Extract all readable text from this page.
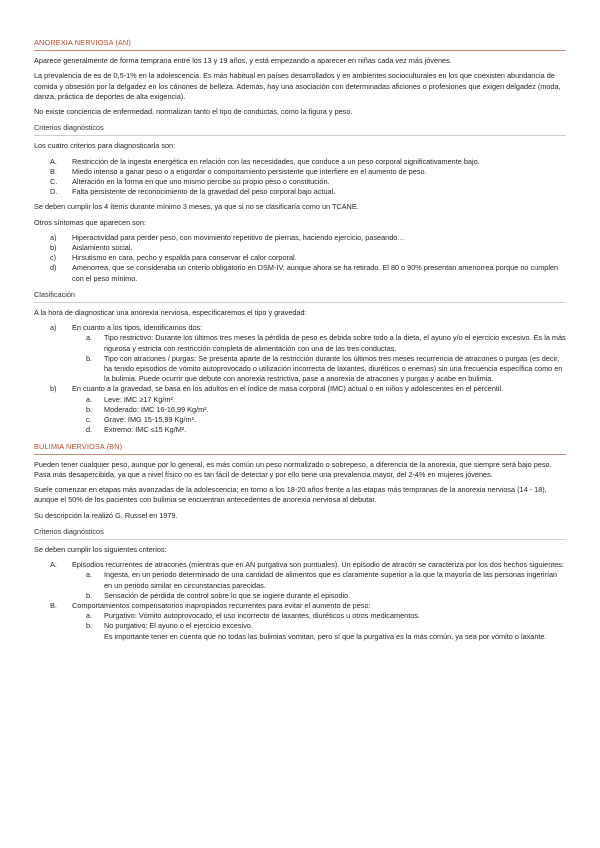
ANOREXIA NERVIOSA (AN)

Aparece generalmente de forma temprana entre los 13 y 19 años, y está empezando a aparecer en niñas cada vez más jóvenes.

La prevalencia de es de 0,5-1% en la adolescencia. Es más habitual en países desarrollados y en ambientes socioculturales en los que coexisten abundancia de comida y obsesión por la delgadez en los cánones de belleza. Además, hay una asociación con determinadas aficiones o profesiones que exigen delgadez (moda, danza, práctica de deportes de alta exigencia).

No existe conciencia de enfermedad, normalizan tanto el tipo de conductas, como la figura y peso.

Criterios diagnósticos

Los cuatro criterios para diagnosticarla son:

A. Restricción de la ingesta energética en relación con las necesidades, que conduce a un peso corporal significativamente bajo.
B. Miedo intenso a ganar peso o a engordar o comportamiento persistente que interfiere en el aumento de peso.
C. Alteración en la forma en que uno mismo percibe su propio peso o constitución.
D. Falta persistente de reconocimiento de la gravedad del peso corporal bajo actual.

Se deben cumplir los 4 ítems durante mínimo 3 meses, ya que si no se clasificaría como un TCANE.

Otros síntomas que aparecen son:

a) Hiperactividad para perder peso, con movimiento repetitivo de piernas, haciendo ejercicio, paseando…
b) Aislamiento social.
c) Hirsutismo en cara, pecho y espalda para conservar el calor corporal.
d) Amenorrea, que se consideraba un criterio obligatorio en DSM-IV, aunque ahora se ha retirado. El 80 o 90% presentan amenorrea porque no cumplen con el peso mínimo.
Clasificación

A la hora de diagnosticar una anorexia nerviosa, especificaremos el tipo y gravedad:

a) En cuanto a los tipos, identificamos dos:
a. Tipo restrictivo: Durante los últimos tres meses la pérdida de peso es debida sobre todo a la dieta, el ayuno y/o el ejercicio excesivo. Es la más rigurosa y estricta con restricción completa de alimentación con una de las tres conductas.
b. Tipo con atracones / purgas: Se presenta aparte de la restricción durante los últimos tres meses recurrencia de atracones o purgas (es decir, ha tenido episodios de vómito autoprovocado o utilización incorrecta de laxantes, diuréticos o enemas) sin una frecuencia específica como en la bulimia. Puede ocurrir que debute con anorexia restrictiva, pase a anorexia de atracones y purgas y acabe en bulimia.
b) En cuanto a la gravedad, se basa en los adultos en el índice de masa corporal (IMC) actual o en niños y adolescentes en el percentil.
a. Leve: IMC ≥17 Kg/m².
b. Moderado: IMC 16-16,99 Kg/m².
c. Grave: IMG 15-15,99 Kg/m².
d. Extremo: IMC ≤15 Kg/M².
BULIMIA NERVIOSA (BN)

Pueden tener cualquier peso, aunque por lo general, es más común un peso normalizado o sobrepeso, a diferencia de la anorexia, que siempre será bajo peso. Pasa más desapercibida, ya que a nivel físico no es tan fácil de detectar y por ello tiene una prevalencia mayor, del 2-4% en mujeres jóvenes.

Suele comenzar en etapas más avanzadas de la adolescencia; en torno a los 18-20 años frente a las etapas más tempranas de la anorexia nerviosa (14 - 18), aunque el 50% de los pacientes con bulimia se encuentran antecedentes de anorexia nerviosa al debutar.

Su descripción la realizó G. Russel en 1979.

Criterios diagnósticos

Se deben cumplir los siguientes criterios:

A. Episodios recurrentes de atracones (mientras que en AN purgativa son puntuales). Un episodio de atracón se caracteriza por los dos hechos siguientes:
a. Ingesta, en un periodo determinado de una cantidad de alimentos que es claramente superior a la que la mayoría de las personas ingerirían en un periodo similar en circunstancias parecidas.
b. Sensación de pérdida de control sobre lo que se ingiere durante el episodio.
B. Comportamientos compensatorios inapropiados recurrentes para evitar el aumento de peso:
a. Purgativo: Vómito autoprovocado, el uso incorrecto de laxantes, diuréticos u otros medicamentos.
b. No purgativo: El ayuno o el ejercicio excesivo.
Es importante tener en cuenta que no todas las bulimias vomitan, pero sí que la purgativa es la más común, ya sea por vómito o laxante.
